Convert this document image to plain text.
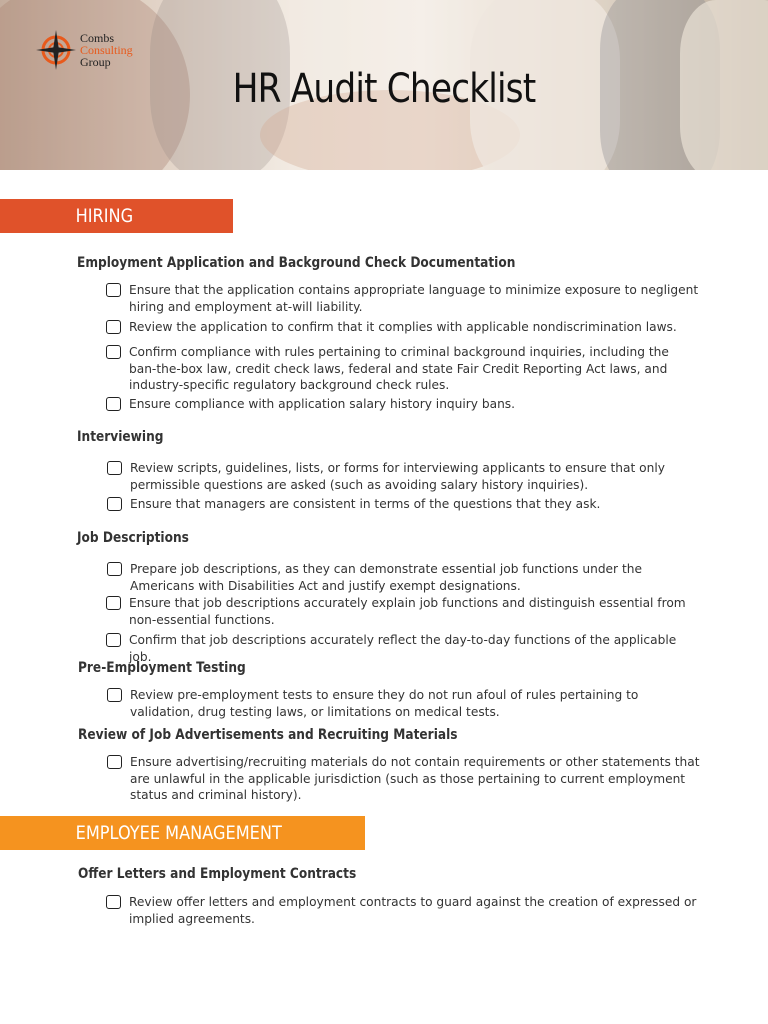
Combs
Consulting
Group
HR Audit Checklist
HIRING
Employment Application and Background Check Documentation
Ensure that the application contains appropriate language to minimize exposure to negligent hiring and employment at-will liability.
Review the application to confirm that it complies with applicable nondiscrimination laws.
Confirm compliance with rules pertaining to criminal background inquiries, including the ban-the-box law, credit check laws, federal and state Fair Credit Reporting Act laws, and industry-specific regulatory background check rules.
Ensure compliance with application salary history inquiry bans.
Interviewing
Review scripts, guidelines, lists, or forms for interviewing applicants to ensure that only permissible questions are asked (such as avoiding salary history inquiries).
Ensure that managers are consistent in terms of the questions that they ask.
Job Descriptions
Prepare job descriptions, as they can demonstrate essential job functions under the Americans with Disabilities Act and justify exempt designations.
Ensure that job descriptions accurately explain job functions and distinguish essential from non-essential functions.
Confirm that job descriptions accurately reflect the day-to-day functions of the applicable job.
Pre-Employment Testing
Review pre-employment tests to ensure they do not run afoul of rules pertaining to validation, drug testing laws, or limitations on medical tests.
Review of Job Advertisements and Recruiting Materials
Ensure advertising/recruiting materials do not contain requirements or other statements that are unlawful in the applicable jurisdiction (such as those pertaining to current employment status and criminal history).
EMPLOYEE MANAGEMENT
Offer Letters and Employment Contracts
Review offer letters and employment contracts to guard against the creation of expressed or implied agreements.
